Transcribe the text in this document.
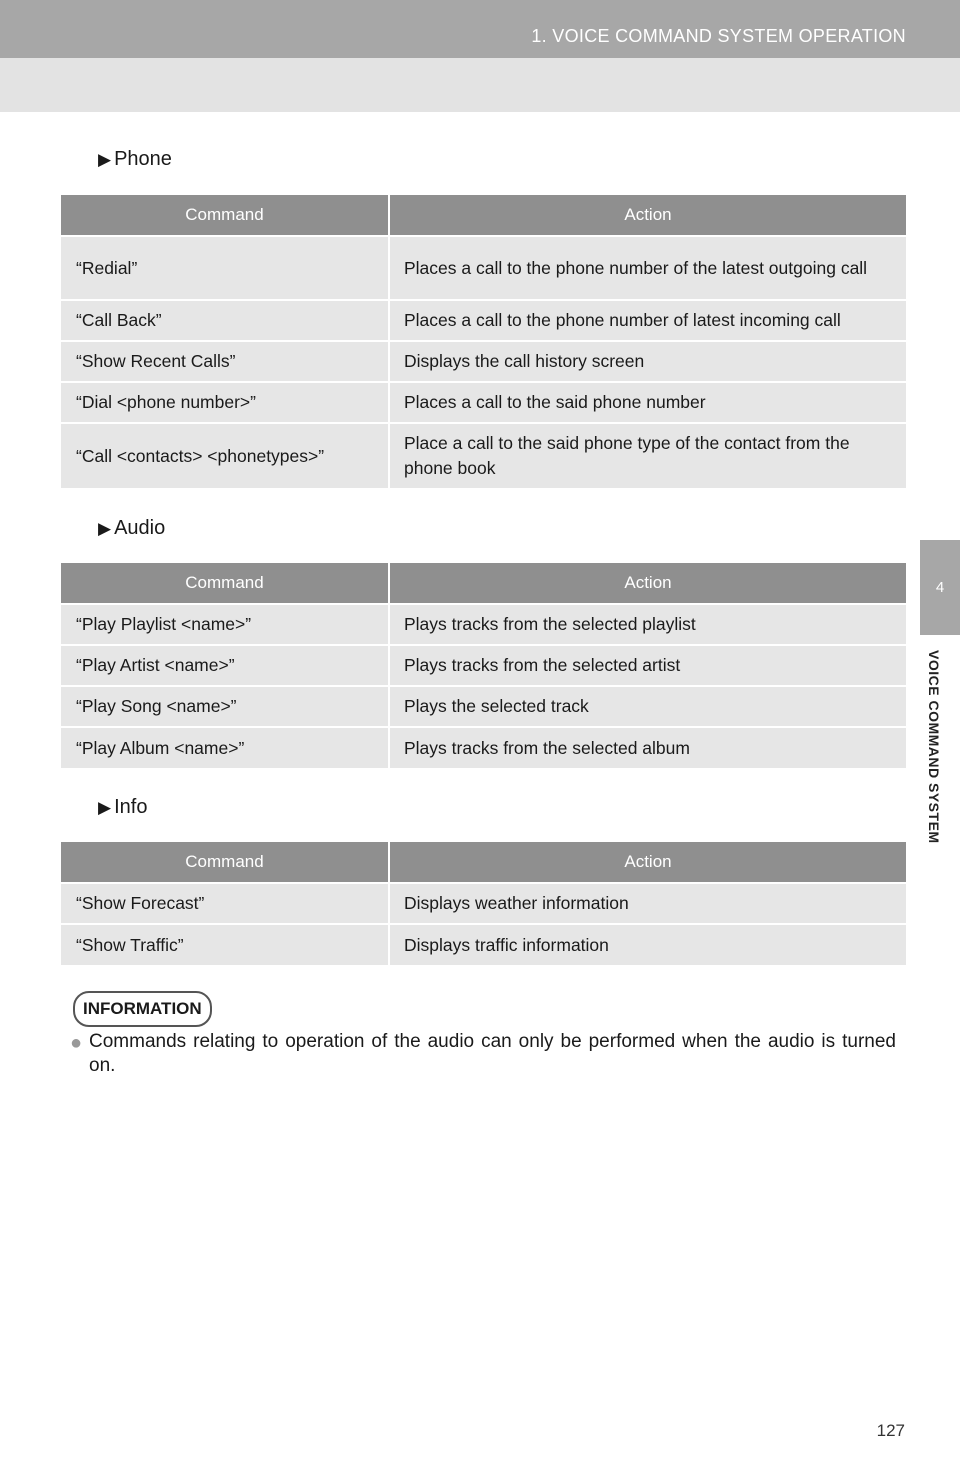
1. VOICE COMMAND SYSTEM OPERATION
4
VOICE COMMAND SYSTEM
▶ Phone
Command	Action
“Redial”	Places a call to the phone number of the latest outgoing call
“Call Back”	Places a call to the phone number of latest incoming call
“Show Recent Calls”	Displays the call history screen
“Dial <phone number>”	Places a call to the said phone number
“Call <contacts> <phonetypes>”	Place a call to the said phone type of the contact from the phone book
▶ Audio
Command	Action
“Play Playlist <name>”	Plays tracks from the selected playlist
“Play Artist <name>”	Plays tracks from the selected artist
“Play Song <name>”	Plays the selected track
“Play Album <name>”	Plays tracks from the selected album
▶ Info
Command	Action
“Show Forecast”	Displays weather information
“Show Traffic”	Displays traffic information
INFORMATION
● Commands relating to operation of the audio can only be performed when the audio is turned on.
127
